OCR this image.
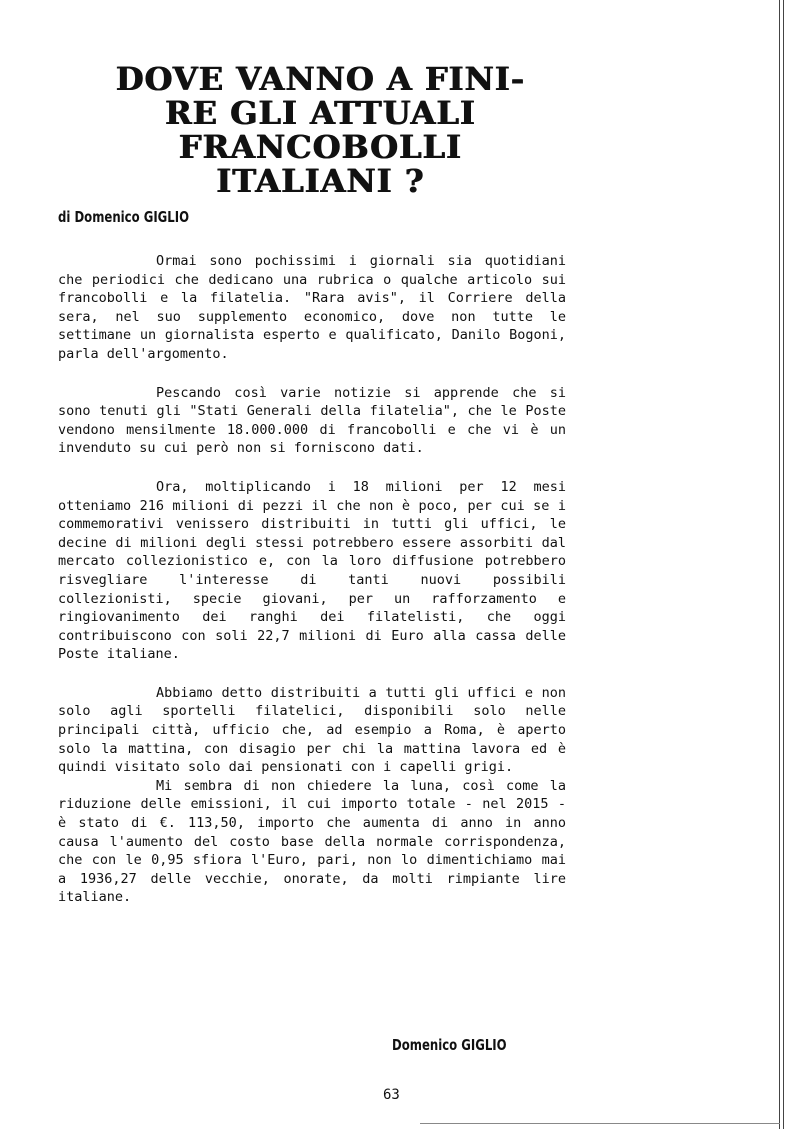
DOVE VANNO A FINI-
RE GLI ATTUALI
FRANCOBOLLI
ITALIANI ?
di Domenico GIGLIO

Ormai sono pochissimi i giornali sia quotidiani che periodici che dedicano una rubrica o qualche articolo sui francobolli e la filatelia. "Rara avis", il Corriere della sera, nel suo supplemento economico, dove non tutte le settimane un giornalista esperto e qualificato, Danilo Bogoni, parla dell'argomento.

Pescando così varie notizie si apprende che si sono tenuti gli "Stati Generali della filatelia", che le Poste vendono mensilmente 18.000.000 di francobolli e che vi è un invenduto su cui però non si forniscono dati.

Ora, moltiplicando i 18 milioni per 12 mesi otteniamo 216 milioni di pezzi il che non è poco, per cui se i commemorativi venissero distribuiti in tutti gli uffici, le decine di milioni degli stessi potrebbero essere assorbiti dal mercato collezionistico e, con la loro diffusione potrebbero risvegliare l'interesse di tanti nuovi possibili collezionisti, specie giovani, per un rafforzamento e ringiovanimento dei ranghi dei filatelisti, che oggi contribuiscono con soli 22,7 milioni di Euro alla cassa delle Poste italiane.

Abbiamo detto distribuiti a tutti gli uffici e non solo agli sportelli filatelici, disponibili solo nelle principali città, ufficio che, ad esempio a Roma, è aperto solo la mattina, con disagio per chi la mattina lavora ed è quindi visitato solo dai pensionati con i capelli grigi.

Mi sembra di non chiedere la luna, così come la riduzione delle emissioni, il cui importo totale - nel 2015 - è stato di €. 113,50, importo che aumenta di anno in anno causa l'aumento del costo base della normale corrispondenza, che con le 0,95 sfiora l'Euro, pari, non lo dimentichiamo mai a 1936,27 delle vecchie, onorate, da molti rimpiante lire italiane.

Domenico GIGLIO
63
